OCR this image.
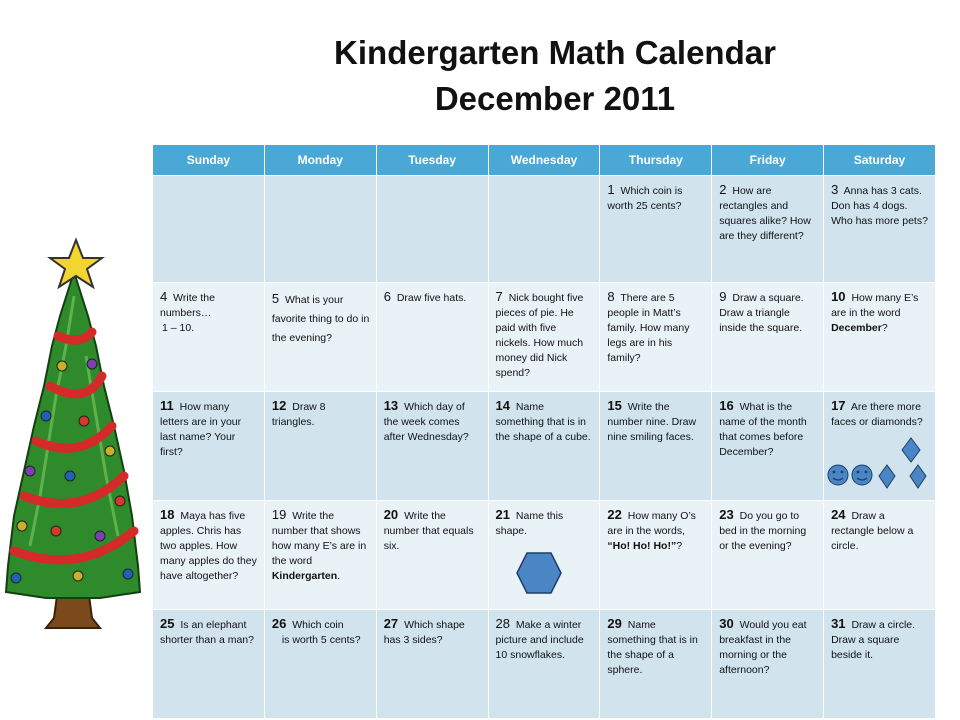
Kindergarten Math Calendar
December 2011
Sunday	Monday	Tuesday	Wednesday	Thursday	Friday	Saturday
				1 Which coin is worth 25 cents?	2 How are rectangles and squares alike? How are they different?	3 Anna has 3 cats. Don has 4 dogs. Who has more pets?
4 Write the numbers…
1 – 10.	5 What is your favorite thing to do in the evening?	6 Draw five hats.	7 Nick bought five pieces of pie. He paid with five nickels. How much money did Nick spend?	8 There are 5 people in Matt’s family. How many legs are in his family?	9 Draw a square. Draw a triangle inside the square.	10 How many E’s are in the word December?
11 How many letters are in your last name? Your first?	12 Draw 8 triangles.	13 Which day of the week comes after Wednesday?	14 Name something that is in the shape of a cube.	15 Write the number nine. Draw nine smiling faces.	16 What is the name of the month that comes before December?	17 Are there more faces or diamonds?

18 Maya has five apples. Chris has two apples. How many apples do they have altogether?	19 Write the number that shows how many E’s are in the word Kindergarten.	20 Write the number that equals six.	21 Name this shape.	22 How many O’s are in the words, “Ho! Ho! Ho!”?	23 Do you go to bed in the morning or the evening?	24 Draw a rectangle below a circle.
25 Is an elephant shorter than a man?	26 Which coin
is worth 5 cents?	27 Which shape has 3 sides?	28 Make a winter picture and include 10 snowflakes.	29 Name something that is in the shape of a sphere.	30 Would you eat breakfast in the morning or the afternoon?	31 Draw a circle. Draw a square beside it.
